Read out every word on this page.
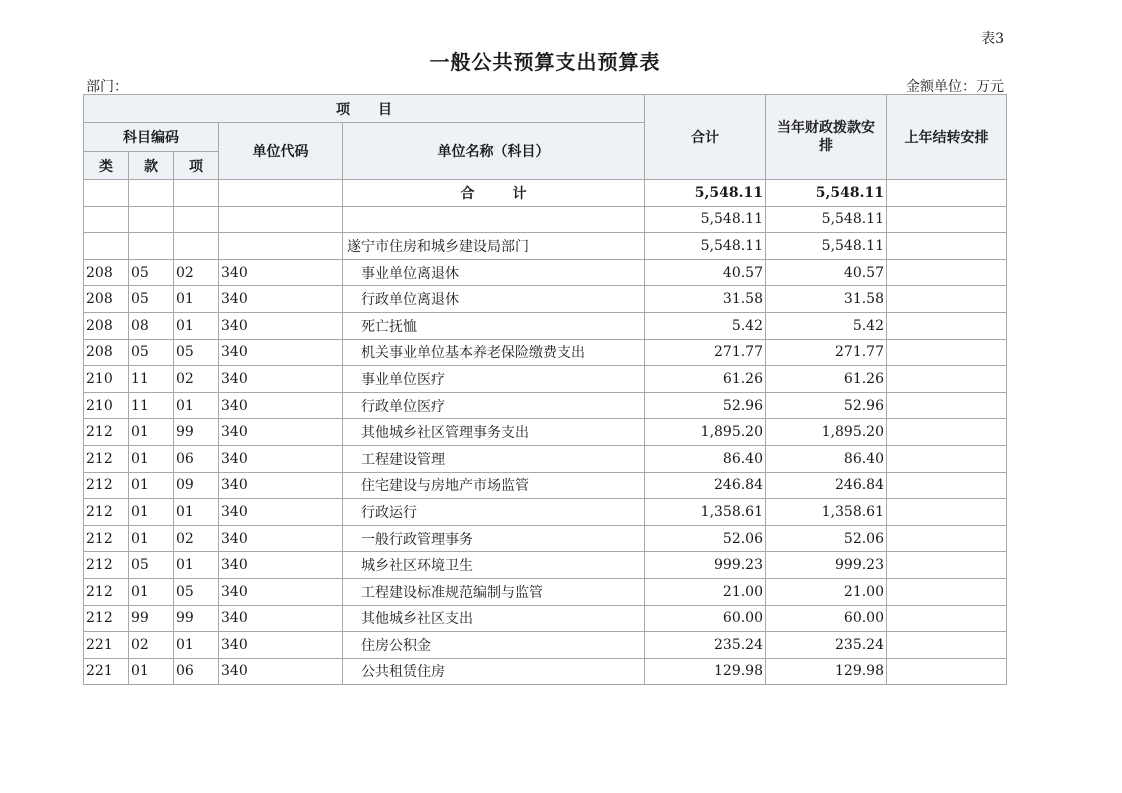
表3
一般公共预算支出预算表
部门：	金额单位：万元
项　　目					合计	当年财政拨款安排	上年结转安排
科目编码			单位代码	单位名称（科目）			
类	款	项					
				合计	5,548.11	5,548.11	
					5,548.11	5,548.11	
				遂宁市住房和城乡建设局部门	5,548.11	5,548.11	
208	05	02	340	事业单位离退休	40.57	40.57	
208	05	01	340	行政单位离退休	31.58	31.58	
208	08	01	340	死亡抚恤	5.42	5.42	
208	05	05	340	机关事业单位基本养老保险缴费支出	271.77	271.77	
210	11	02	340	事业单位医疗	61.26	61.26	
210	11	01	340	行政单位医疗	52.96	52.96	
212	01	99	340	其他城乡社区管理事务支出	1,895.20	1,895.20	
212	01	06	340	工程建设管理	86.40	86.40	
212	01	09	340	住宅建设与房地产市场监管	246.84	246.84	
212	01	01	340	行政运行	1,358.61	1,358.61	
212	01	02	340	一般行政管理事务	52.06	52.06	
212	05	01	340	城乡社区环境卫生	999.23	999.23	
212	01	05	340	工程建设标准规范编制与监管	21.00	21.00	
212	99	99	340	其他城乡社区支出	60.00	60.00	
221	02	01	340	住房公积金	235.24	235.24	
221	01	06	340	公共租赁住房	129.98	129.98	
